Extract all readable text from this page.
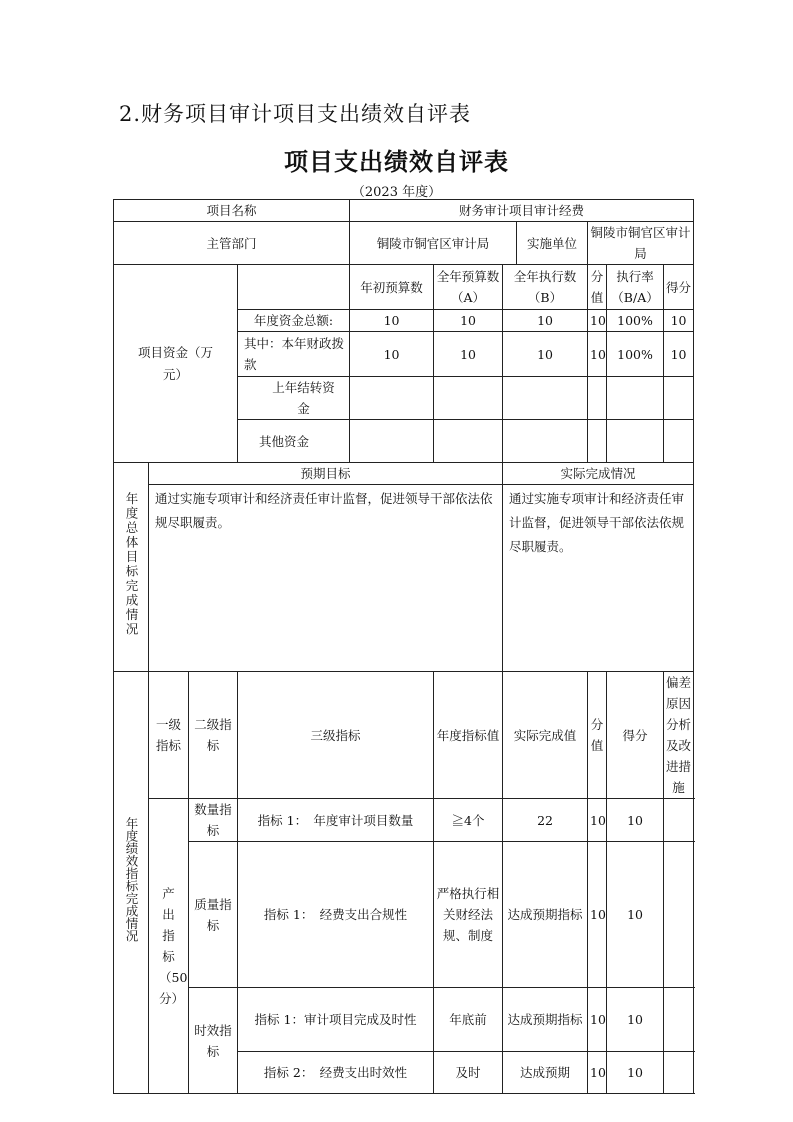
2.财务项目审计项目支出绩效自评表
项目支出绩效自评表
（2023 年度）
项目名称				财务审计项目审计经费						
主管部门				铜陵市铜官区审计局			实施单位	铜陵市铜官区审计局		
项目资金（万元）				年初预算数	全年预算数（A）	全年执行数（B）		分值	执行率（B/A）	得分
			年度资金总额:	10	10	10		10	100%	10
			其中：本年财政拨款	10	10	10		10	100%	10
			上年结转资金							
			其他资金							
年度总体目标完成情况	预期目标					实际完成情况				
	通过实施专项审计和经济责任审计监督，促进领导干部依法依规尽职履责。					通过实施专项审计和经济责任审计监督，促进领导干部依法依规尽职履责。				
年度绩效指标完成情况	一级指标	二级指标	三级指标		年度指标值	实际完成值		分值	得分	偏差原因分析及改进措施
	产出指标（50分）	数量指标	指标 1：　年度审计项目数量		≧4个	22		10	10	
		质量指标	指标 1：　经费支出合规性		严格执行相关财经法规、制度	达成预期指标		10	10	
		时效指标	指标 1：审计项目完成及时性		年底前	达成预期指标		10	10	
			指标 2：　经费支出时效性		及时	达成预期		10	10	
